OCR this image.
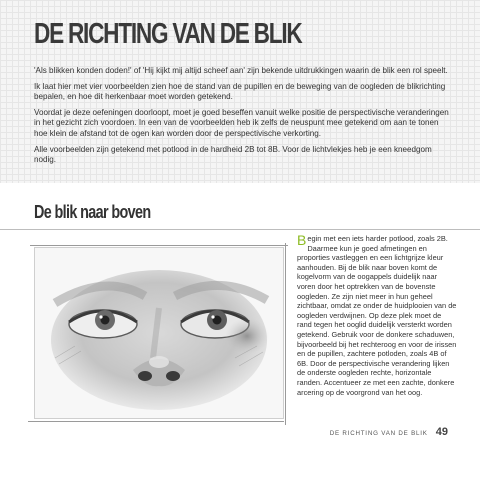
DE RICHTING VAN DE BLIK

'Als blikken konden doden!' of 'Hij kijkt mij altijd scheef aan' zijn bekende uitdrukkingen waarin de blik een rol speelt.

Ik laat hier met vier voorbeelden zien hoe de stand van de pupillen en de beweging van de oogleden de blikrichting bepalen, en hoe dit herkenbaar moet worden getekend.

Voordat je deze oefeningen doorloopt, moet je goed beseffen vanuit welke positie de perspectivische veranderingen in het gezicht zich voordoen. In een van de voorbeelden heb ik zelfs de neuspunt mee getekend om aan te tonen hoe klein de afstand tot de ogen kan worden door de perspectivische verkorting.

Alle voorbeelden zijn getekend met potlood in de hardheid 2B tot 8B. Voor de lichtvlekjes heb je een kneedgom nodig.

De blik naar boven
Begin met een iets harder potlood, zoals 2B. Daarmee kun je goed afmetingen en proporties vastleggen en een lichtgrijze kleur aanhouden. Bij de blik naar boven komt de kogelvorm van de oogappels duidelijk naar voren door het optrekken van de bovenste oogleden. Ze zijn niet meer in hun geheel zichtbaar, omdat ze onder de huidplooien van de oogleden verdwijnen. Op deze plek moet de rand tegen het ooglid duidelijk versterkt worden getekend. Gebruik voor de donkere schaduwen, bijvoorbeeld bij het rechteroog en voor de irissen en de pupillen, zachtere potloden, zoals 4B of 6B. Door de perspectivische verandering lijken de onderste oogleden rechte, horizontale randen. Accentueer ze met een zachte, donkere arcering op de voorgrond van het oog.
DE RICHTING VAN DE BLIK 49
